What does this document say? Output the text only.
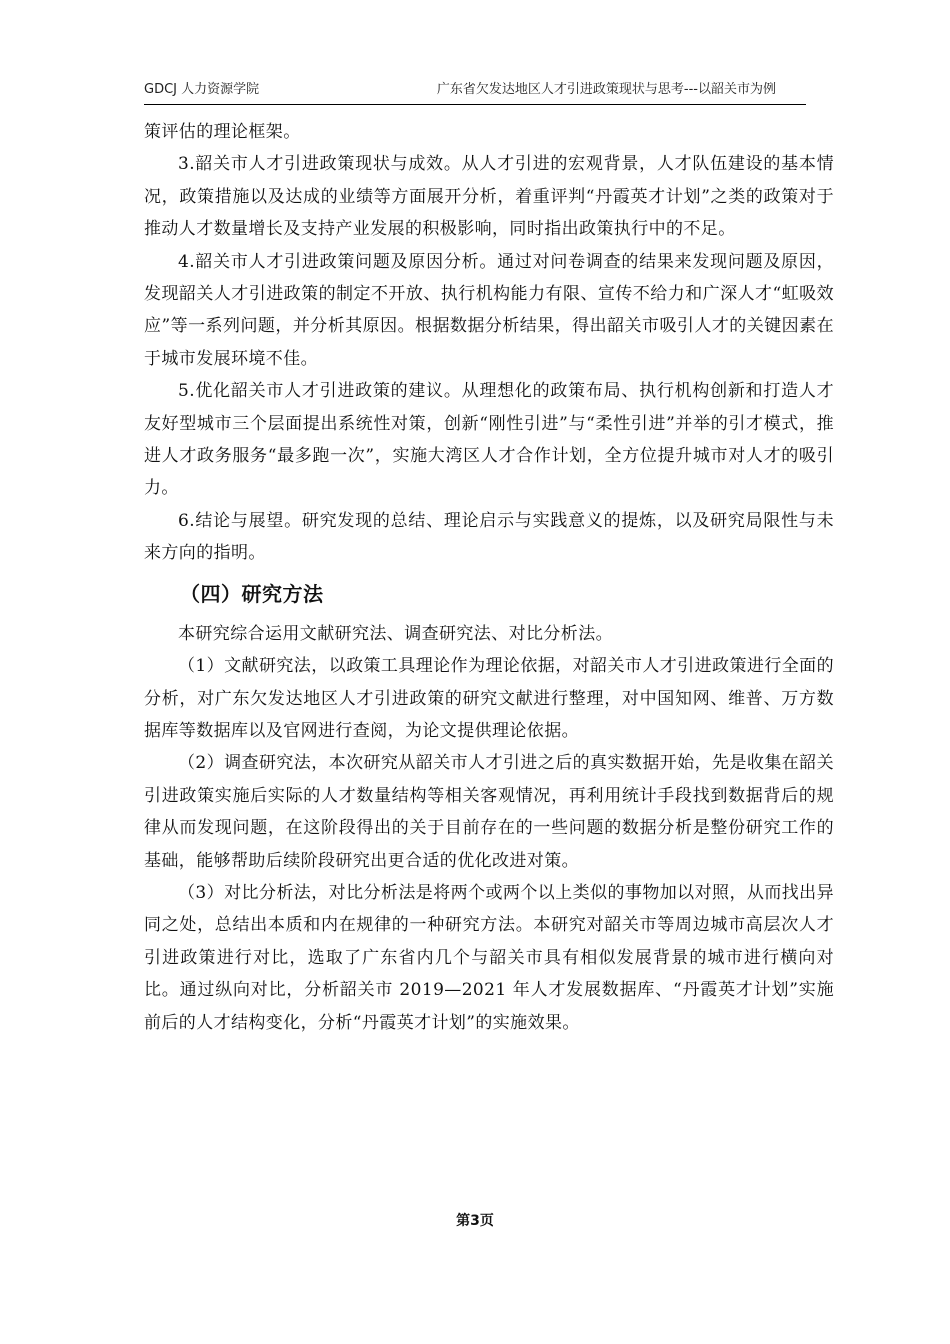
GDCJ 人力资源学院	广东省欠发达地区人才引进政策现状与思考---以韶关市为例

策评估的理论框架。

3.韶关市人才引进政策现状与成效。从人才引进的宏观背景，人才队伍建设的基本情况，政策措施以及达成的业绩等方面展开分析，着重评判“丹霞英才计划”之类的政策对于推动人才数量增长及支持产业发展的积极影响，同时指出政策执行中的不足。

4.韶关市人才引进政策问题及原因分析。通过对问卷调查的结果来发现问题及原因，发现韶关人才引进政策的制定不开放、执行机构能力有限、宣传不给力和广深人才“虹吸效应”等一系列问题，并分析其原因。根据数据分析结果，得出韶关市吸引人才的关键因素在于城市发展环境不佳。

5.优化韶关市人才引进政策的建议。从理想化的政策布局、执行机构创新和打造人才友好型城市三个层面提出系统性对策，创新“刚性引进”与“柔性引进”并举的引才模式，推进人才政务服务“最多跑一次”，实施大湾区人才合作计划，全方位提升城市对人才的吸引力。

6.结论与展望。研究发现的总结、理论启示与实践意义的提炼，以及研究局限性与未来方向的指明。

（四）研究方法

本研究综合运用文献研究法、调查研究法、对比分析法。

（1）文献研究法，以政策工具理论作为理论依据，对韶关市人才引进政策进行全面的分析，对广东欠发达地区人才引进政策的研究文献进行整理，对中国知网、维普、万方数据库等数据库以及官网进行查阅，为论文提供理论依据。

（2）调查研究法，本次研究从韶关市人才引进之后的真实数据开始，先是收集在韶关引进政策实施后实际的人才数量结构等相关客观情况，再利用统计手段找到数据背后的规律从而发现问题，在这阶段得出的关于目前存在的一些问题的数据分析是整份研究工作的基础，能够帮助后续阶段研究出更合适的优化改进对策。

（3）对比分析法，对比分析法是将两个或两个以上类似的事物加以对照，从而找出异同之处，总结出本质和内在规律的一种研究方法。本研究对韶关市等周边城市高层次人才引进政策进行对比，选取了广东省内几个与韶关市具有相似发展背景的城市进行横向对比。通过纵向对比，分析韶关市 2019—2021 年人才发展数据库、“丹霞英才计划”实施前后的人才结构变化，分析“丹霞英才计划”的实施效果。

第3页
